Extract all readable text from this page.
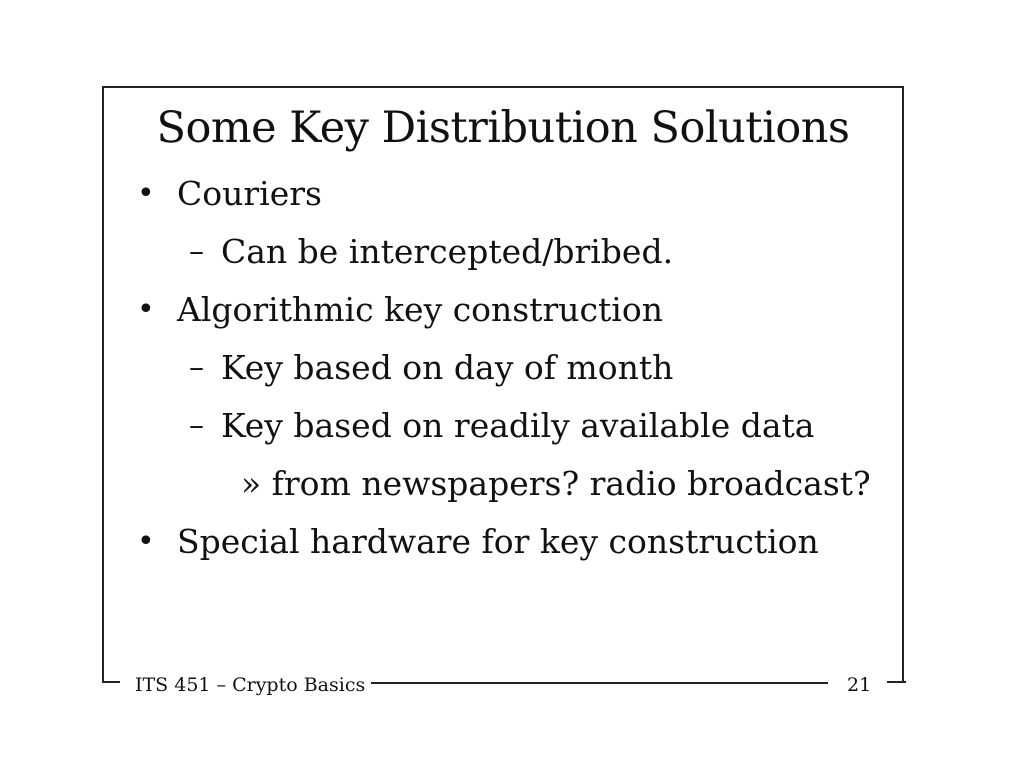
Some Key Distribution Solutions
• Couriers
– Can be intercepted/bribed.
• Algorithmic key construction
– Key based on day of month
– Key based on readily available data
» from newspapers? radio broadcast?
• Special hardware for key construction
ITS 451 – Crypto Basics	21
